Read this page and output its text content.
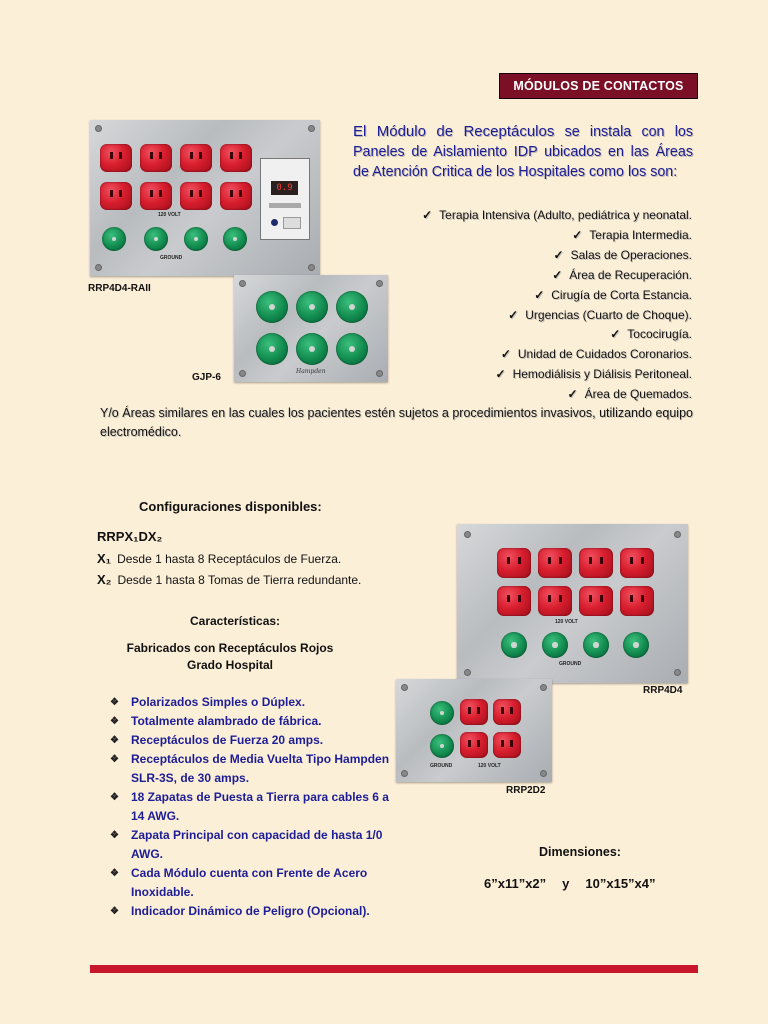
MÓDULOS DE CONTACTOS
120 VOLT
GROUND
0.9
RRP4D4-RAII
Hampden
GJP-6
El Módulo de Receptáculos se instala con los Paneles de Aislamiento IDP ubicados en las Áreas de Atención Critica de los Hospitales como los son:
✓ Terapia Intensiva (Adulto, pediátrica y neonatal.
✓ Terapia Intermedia.
✓ Salas de Operaciones.
✓ Área de Recuperación.
✓ Cirugía de Corta Estancia.
✓ Urgencias (Cuarto de Choque).
✓ Tococirugía.
✓ Unidad de Cuidados Coronarios.
✓ Hemodiálisis y Diálisis Peritoneal.
✓ Área de Quemados.
Y/o Áreas similares en las cuales los pacientes estén sujetos a procedimientos invasivos, utilizando equipo electromédico.
Configuraciones disponibles:
RRPX₁DX₂
X₁ Desde 1 hasta 8 Receptáculos de Fuerza.
X₂ Desde 1 hasta 8 Tomas de Tierra redundante.
Características:
Fabricados con Receptáculos Rojos
Grado Hospital
❖ Polarizados Simples o Dúplex.
❖ Totalmente alambrado de fábrica.
❖ Receptáculos de Fuerza 20 amps.
❖ Receptáculos de Media Vuelta Tipo Hampden SLR-3S, de 30 amps.
❖ 18 Zapatas de Puesta a Tierra para cables 6 a 14 AWG.
❖ Zapata Principal con capacidad de hasta 1/0 AWG.
❖ Cada Módulo cuenta con Frente de Acero Inoxidable.
❖ Indicador Dinámico de Peligro (Opcional).
120 VOLT
GROUND
RRP4D4
GROUND	120 VOLT
RRP2D2
Dimensiones:
6”x11”x2” y 10”x15”x4”
